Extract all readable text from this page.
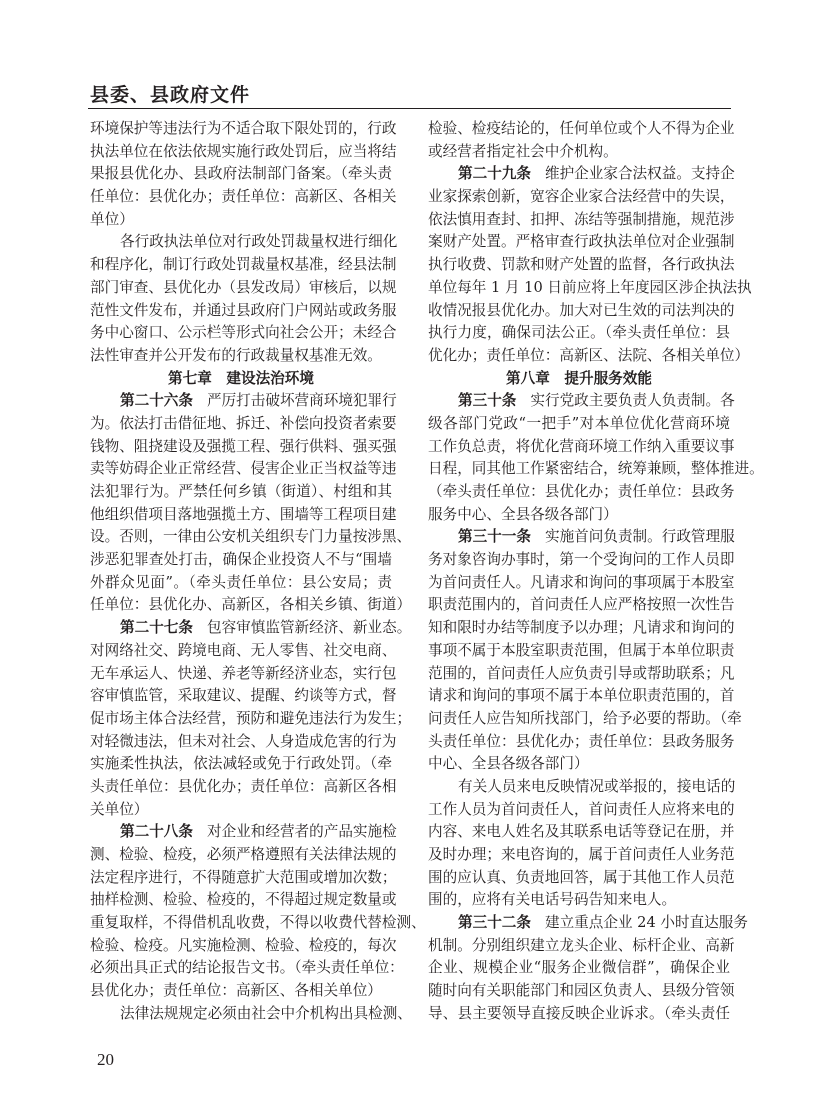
县委、县政府文件
环境保护等违法行为不适合取下限处罚的，行政
执法单位在依法依规实施行政处罚后，应当将结
果报县优化办、县政府法制部门备案。（牵头责
任单位：县优化办；责任单位：高新区、各相关
单位）
各行政执法单位对行政处罚裁量权进行细化
和程序化，制订行政处罚裁量权基准，经县法制
部门审查、县优化办（县发改局）审核后，以规
范性文件发布，并通过县政府门户网站或政务服
务中心窗口、公示栏等形式向社会公开；未经合
法性审查并公开发布的行政裁量权基准无效。
第七章　建设法治环境
第二十六条 严厉打击破坏营商环境犯罪行
为。依法打击借征地、拆迁、补偿向投资者索要
钱物、阻挠建设及强揽工程、强行供料、强买强
卖等妨碍企业正常经营、侵害企业正当权益等违
法犯罪行为。严禁任何乡镇（街道）、村组和其
他组织借项目落地强揽土方、围墙等工程项目建
设。否则，一律由公安机关组织专门力量按涉黑、
涉恶犯罪查处打击，确保企业投资人不与“围墙
外群众见面”。（牵头责任单位：县公安局；责
任单位：县优化办、高新区，各相关乡镇、街道）
第二十七条 包容审慎监管新经济、新业态。
对网络社交、跨境电商、无人零售、社交电商、
无车承运人、快递、养老等新经济业态，实行包
容审慎监管，采取建议、提醒、约谈等方式，督
促市场主体合法经营，预防和避免违法行为发生；
对轻微违法，但未对社会、人身造成危害的行为
实施柔性执法，依法减轻或免于行政处罚。（牵
头责任单位：县优化办；责任单位：高新区各相
关单位）
第二十八条 对企业和经营者的产品实施检
测、检验、检疫，必须严格遵照有关法律法规的
法定程序进行，不得随意扩大范围或增加次数；
抽样检测、检验、检疫的，不得超过规定数量或
重复取样，不得借机乱收费，不得以收费代替检测、
检验、检疫。凡实施检测、检验、检疫的，每次
必须出具正式的结论报告文书。（牵头责任单位：
县优化办；责任单位：高新区、各相关单位）
法律法规规定必须由社会中介机构出具检测、
检验、检疫结论的，任何单位或个人不得为企业
或经营者指定社会中介机构。
第二十九条 维护企业家合法权益。支持企
业家探索创新，宽容企业家合法经营中的失误，
依法慎用查封、扣押、冻结等强制措施，规范涉
案财产处置。严格审查行政执法单位对企业强制
执行收费、罚款和财产处置的监督，各行政执法
单位每年 1 月 10 日前应将上年度园区涉企执法执
收情况报县优化办。加大对已生效的司法判决的
执行力度，确保司法公正。（牵头责任单位：县
优化办；责任单位：高新区、法院、各相关单位）
第八章　提升服务效能
第三十条 实行党政主要负责人负责制。各
级各部门党政“一把手”对本单位优化营商环境
工作负总责，将优化营商环境工作纳入重要议事
日程，同其他工作紧密结合，统筹兼顾，整体推进。
（牵头责任单位：县优化办；责任单位：县政务
服务中心、全县各级各部门）
第三十一条 实施首问负责制。行政管理服
务对象咨询办事时，第一个受询问的工作人员即
为首问责任人。凡请求和询问的事项属于本股室
职责范围内的，首问责任人应严格按照一次性告
知和限时办结等制度予以办理；凡请求和询问的
事项不属于本股室职责范围，但属于本单位职责
范围的，首问责任人应负责引导或帮助联系；凡
请求和询问的事项不属于本单位职责范围的，首
问责任人应告知所找部门，给予必要的帮助。（牵
头责任单位：县优化办；责任单位：县政务服务
中心、全县各级各部门）
有关人员来电反映情况或举报的，接电话的
工作人员为首问责任人，首问责任人应将来电的
内容、来电人姓名及其联系电话等登记在册，并
及时办理；来电咨询的，属于首问责任人业务范
围的应认真、负责地回答，属于其他工作人员范
围的，应将有关电话号码告知来电人。
第三十二条 建立重点企业 24 小时直达服务
机制。分别组织建立龙头企业、标杆企业、高新
企业、规模企业“服务企业微信群”，确保企业
随时向有关职能部门和园区负责人、县级分管领
导、县主要领导直接反映企业诉求。（牵头责任
20
